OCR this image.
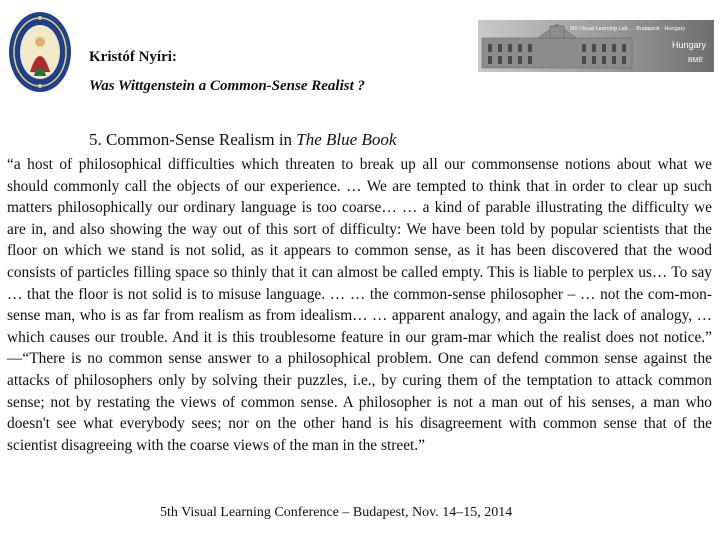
5th Visual Learning Lab … Budapest · Hungary
Hungary
BME
Kristóf Nyíri:
Was Wittgenstein a Common-Sense Realist ?
5. Common-Sense Realism in The Blue Book
“a host of philosophical difficulties which threaten to break up all our commonsense notions about what we should commonly call the objects of our experience. … We are tempted to think that in order to clear up such matters philosophically our ordinary language is too coarse… … a kind of parable illustrating the difficulty we are in, and also showing the way out of this sort of difficulty: We have been told by popular scientists that the floor on which we stand is not solid, as it appears to common sense, as it has been discovered that the wood consists of particles filling space so thinly that it can almost be called empty. This is liable to perplex us… To say … that the floor is not solid is to misuse language. … … the common-sense philosopher – … not the com-mon-sense man, who is as far from realism as from idealism… … apparent analogy, and again the lack of analogy, … which causes our trouble. And it is this troublesome feature in our gram-mar which the realist does not notice.” —“There is no common sense answer to a philosophical problem. One can defend common sense against the attacks of philosophers only by solving their puzzles, i.e., by curing them of the temptation to attack common sense; not by restating the views of common sense. A philosopher is not a man out of his senses, a man who doesn't see what everybody sees; nor on the other hand is his disagreement with common sense that of the scientist disagreeing with the coarse views of the man in the street.”
5th Visual Learning Conference – Budapest, Nov. 14–15, 2014
